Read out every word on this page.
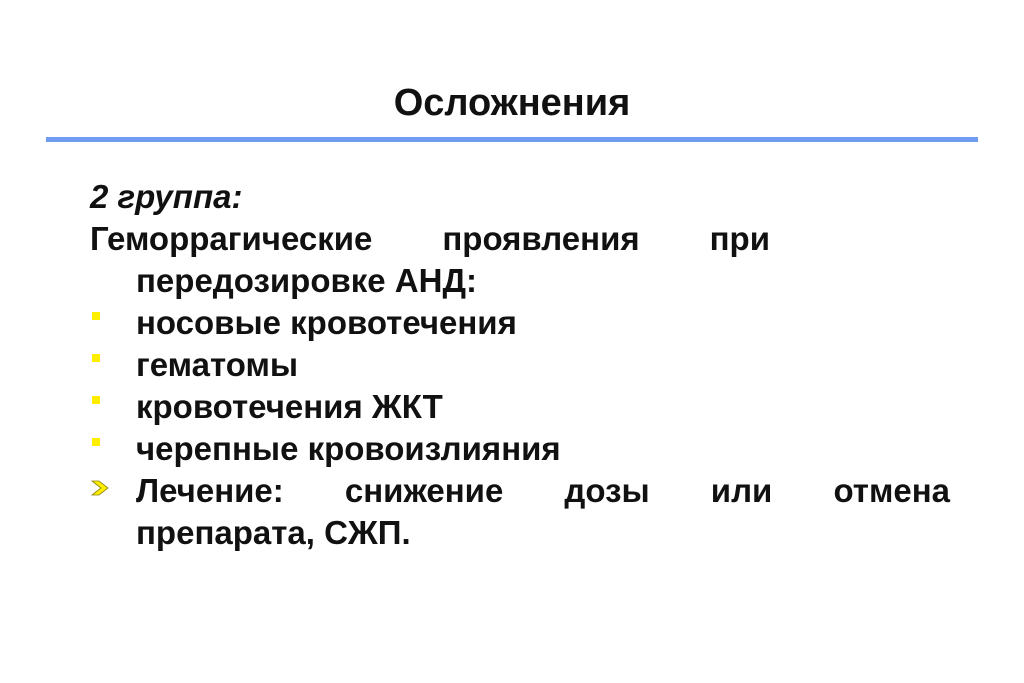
Осложнения
2 группа:
Геморрагические проявления при
передозировке АНД:
носовые кровотечения
гематомы
кровотечения ЖКТ
черепные кровоизлияния
Лечение: снижение дозы или отмена
препарата, СЖП.
